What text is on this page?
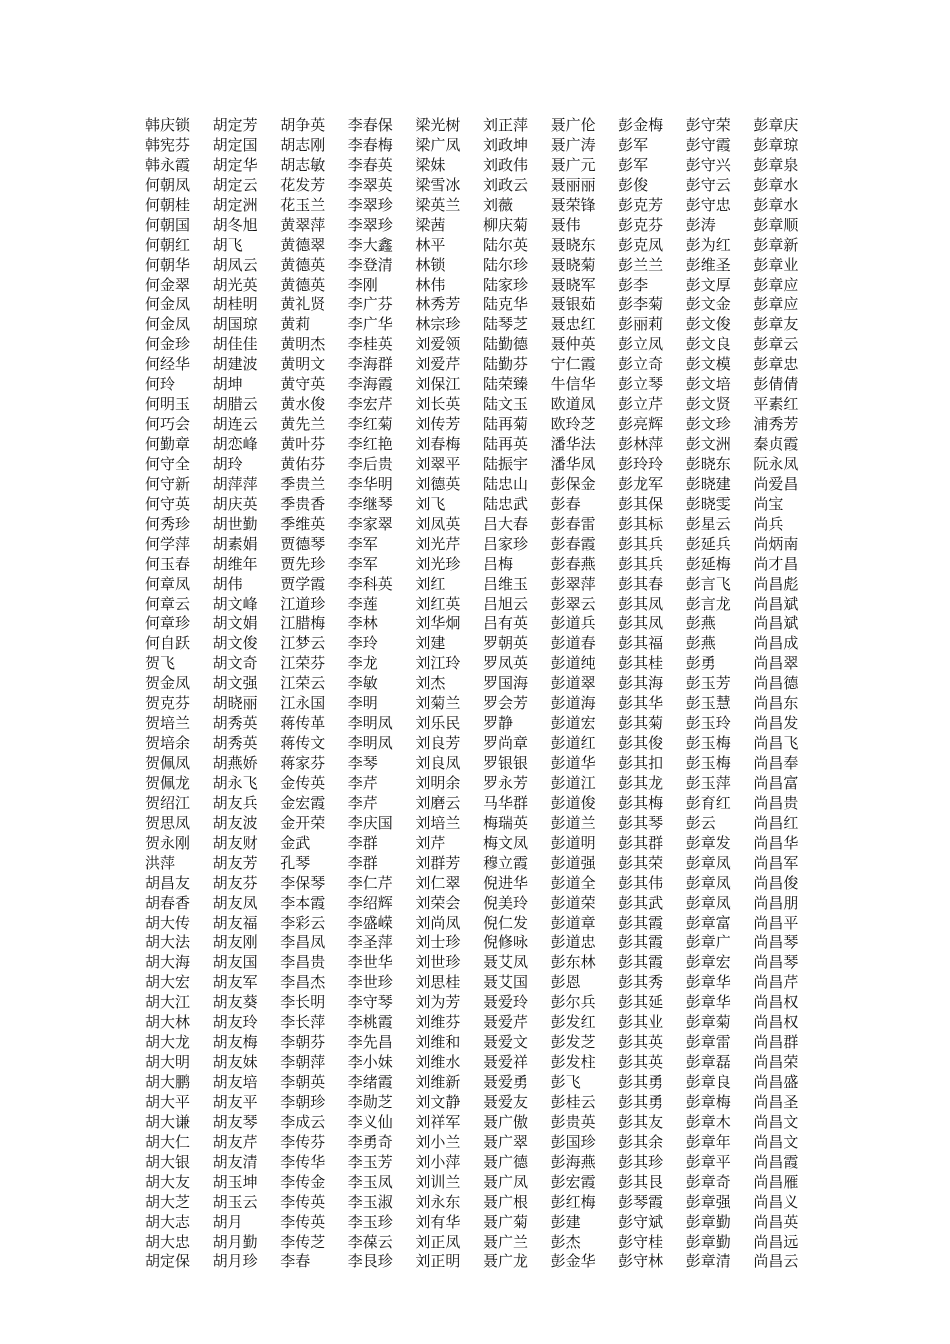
韩庆锁	胡定芳	胡争英	李春保	梁光树	刘正萍	聂广伦	彭金梅	彭守荣	彭章庆
韩宪芬	胡定国	胡志刚	李春梅	梁广凤	刘政坤	聂广涛	彭军	彭守霞	彭章琼
韩永霞	胡定华	胡志敏	李春英	梁妹	刘政伟	聂广元	彭军	彭守兴	彭章泉
何朝凤	胡定云	花发芳	李翠英	梁雪冰	刘政云	聂丽丽	彭俊	彭守云	彭章水
何朝桂	胡定洲	花玉兰	李翠珍	梁英兰	刘薇	聂荣锋	彭克芳	彭守忠	彭章水
何朝国	胡冬旭	黄翠萍	李翠珍	梁茜	柳庆菊	聂伟	彭克芬	彭涛	彭章顺
何朝红	胡飞	黄德翠	李大鑫	林平	陆尔英	聂晓东	彭克凤	彭为红	彭章新
何朝华	胡凤云	黄德英	李登清	林锁	陆尔珍	聂晓菊	彭兰兰	彭维圣	彭章业
何金翠	胡光英	黄德英	李刚	林伟	陆家珍	聂晓军	彭李	彭文厚	彭章应
何金凤	胡桂明	黄礼贤	李广芬	林秀芳	陆克华	聂银茹	彭李菊	彭文金	彭章应
何金凤	胡国琼	黄莉	李广华	林宗珍	陆琴芝	聂忠红	彭丽莉	彭文俊	彭章友
何金珍	胡佳佳	黄明杰	李桂英	刘爱领	陆勤德	聂仲英	彭立凤	彭文良	彭章云
何经华	胡建波	黄明文	李海群	刘爱芹	陆勤芬	宁仁霞	彭立奇	彭文模	彭章忠
何玲	胡坤	黄守英	李海霞	刘保江	陆荣臻	牛信华	彭立琴	彭文培	彭倩倩
何明玉	胡腊云	黄水俊	李宏芹	刘长英	陆文玉	欧道凤	彭立芹	彭文贤	平素红
何巧会	胡连云	黄先兰	李红菊	刘传芳	陆再菊	欧玲芝	彭亮辉	彭文珍	浦秀芳
何勤章	胡恋峰	黄叶芬	李红艳	刘春梅	陆再英	潘华法	彭林萍	彭文洲	秦贞霞
何守全	胡玲	黄佑芬	李后贵	刘翠平	陆振宇	潘华凤	彭玲玲	彭晓东	阮永凤
何守新	胡萍萍	季贵兰	李华明	刘德英	陆忠山	彭保金	彭龙军	彭晓建	尚爱昌
何守英	胡庆英	季贵香	李继琴	刘飞	陆忠武	彭春	彭其保	彭晓雯	尚宝
何秀珍	胡世勤	季维英	李家翠	刘凤英	吕大春	彭春雷	彭其标	彭星云	尚兵
何学萍	胡素娟	贾德琴	李军	刘光芹	吕家珍	彭春霞	彭其兵	彭延兵	尚炳南
何玉春	胡维年	贾先珍	李军	刘光珍	吕梅	彭春燕	彭其兵	彭延梅	尚才昌
何章凤	胡伟	贾学霞	李科英	刘红	吕维玉	彭翠萍	彭其春	彭言飞	尚昌彪
何章云	胡文峰	江道珍	李莲	刘红英	吕旭云	彭翠云	彭其凤	彭言龙	尚昌斌
何章珍	胡文娟	江腊梅	李林	刘华炯	吕有英	彭道兵	彭其凤	彭燕	尚昌斌
何自跃	胡文俊	江梦云	李玲	刘建	罗朝英	彭道春	彭其福	彭燕	尚昌成
贺飞	胡文奇	江荣芬	李龙	刘江玲	罗凤英	彭道纯	彭其桂	彭勇	尚昌翠
贺金凤	胡文强	江荣云	李敏	刘杰	罗国海	彭道翠	彭其海	彭玉芳	尚昌德
贺克芬	胡晓丽	江永国	李明	刘菊兰	罗会芳	彭道海	彭其华	彭玉慧	尚昌东
贺培兰	胡秀英	蒋传革	李明凤	刘乐民	罗静	彭道宏	彭其菊	彭玉玲	尚昌发
贺培余	胡秀英	蒋传文	李明凤	刘良芳	罗尚章	彭道红	彭其俊	彭玉梅	尚昌飞
贺佩凤	胡燕娇	蒋家芬	李琴	刘良凤	罗银银	彭道华	彭其扣	彭玉梅	尚昌奉
贺佩龙	胡永飞	金传英	李芹	刘明余	罗永芳	彭道江	彭其龙	彭玉萍	尚昌富
贺绍江	胡友兵	金宏霞	李芹	刘磨云	马华群	彭道俊	彭其梅	彭育红	尚昌贵
贺思凤	胡友波	金开荣	李庆国	刘培兰	梅瑞英	彭道兰	彭其琴	彭云	尚昌红
贺永刚	胡友财	金武	李群	刘芹	梅文凤	彭道明	彭其群	彭章发	尚昌华
洪萍	胡友芳	孔琴	李群	刘群芳	穆立霞	彭道强	彭其荣	彭章凤	尚昌军
胡昌友	胡友芬	李保琴	李仁芹	刘仁翠	倪进华	彭道全	彭其伟	彭章凤	尚昌俊
胡春香	胡友凤	李本霞	李绍辉	刘荣会	倪美玲	彭道荣	彭其武	彭章凤	尚昌朋
胡大传	胡友福	李彩云	李盛嵘	刘尚凤	倪仁发	彭道章	彭其霞	彭章富	尚昌平
胡大法	胡友刚	李昌凤	李圣萍	刘士珍	倪修咏	彭道忠	彭其霞	彭章广	尚昌琴
胡大海	胡友国	李昌贵	李世华	刘世珍	聂艾凤	彭东林	彭其霞	彭章宏	尚昌琴
胡大宏	胡友军	李昌杰	李世珍	刘思桂	聂艾国	彭恩	彭其秀	彭章华	尚昌芹
胡大江	胡友葵	李长明	李守琴	刘为芳	聂爱玲	彭尔兵	彭其延	彭章华	尚昌权
胡大林	胡友玲	李长萍	李桃霞	刘维芬	聂爱芹	彭发红	彭其业	彭章菊	尚昌权
胡大龙	胡友梅	李朝芬	李先昌	刘维和	聂爱文	彭发芝	彭其英	彭章雷	尚昌群
胡大明	胡友妹	李朝萍	李小妹	刘维水	聂爱祥	彭发柱	彭其英	彭章磊	尚昌荣
胡大鹏	胡友培	李朝英	李绪霞	刘维新	聂爱勇	彭飞	彭其勇	彭章良	尚昌盛
胡大平	胡友平	李朝珍	李勋芝	刘文静	聂爱友	彭桂云	彭其勇	彭章梅	尚昌圣
胡大谦	胡友琴	李成云	李义仙	刘祥军	聂广傲	彭贵英	彭其友	彭章木	尚昌文
胡大仁	胡友芹	李传芬	李勇奇	刘小兰	聂广翠	彭国珍	彭其余	彭章年	尚昌文
胡大银	胡友清	李传华	李玉芳	刘小萍	聂广德	彭海燕	彭其珍	彭章平	尚昌霞
胡大友	胡玉坤	李传金	李玉凤	刘训兰	聂广凤	彭宏霞	彭其艮	彭章奇	尚昌雁
胡大芝	胡玉云	李传英	李玉淑	刘永东	聂广根	彭红梅	彭琴霞	彭章强	尚昌义
胡大志	胡月	李传英	李玉珍	刘有华	聂广菊	彭建	彭守斌	彭章勤	尚昌英
胡大忠	胡月勤	李传芝	李葆云	刘正凤	聂广兰	彭杰	彭守桂	彭章勤	尚昌远
胡定保	胡月珍	李春	李艮珍	刘正明	聂广龙	彭金华	彭守林	彭章清	尚昌云
